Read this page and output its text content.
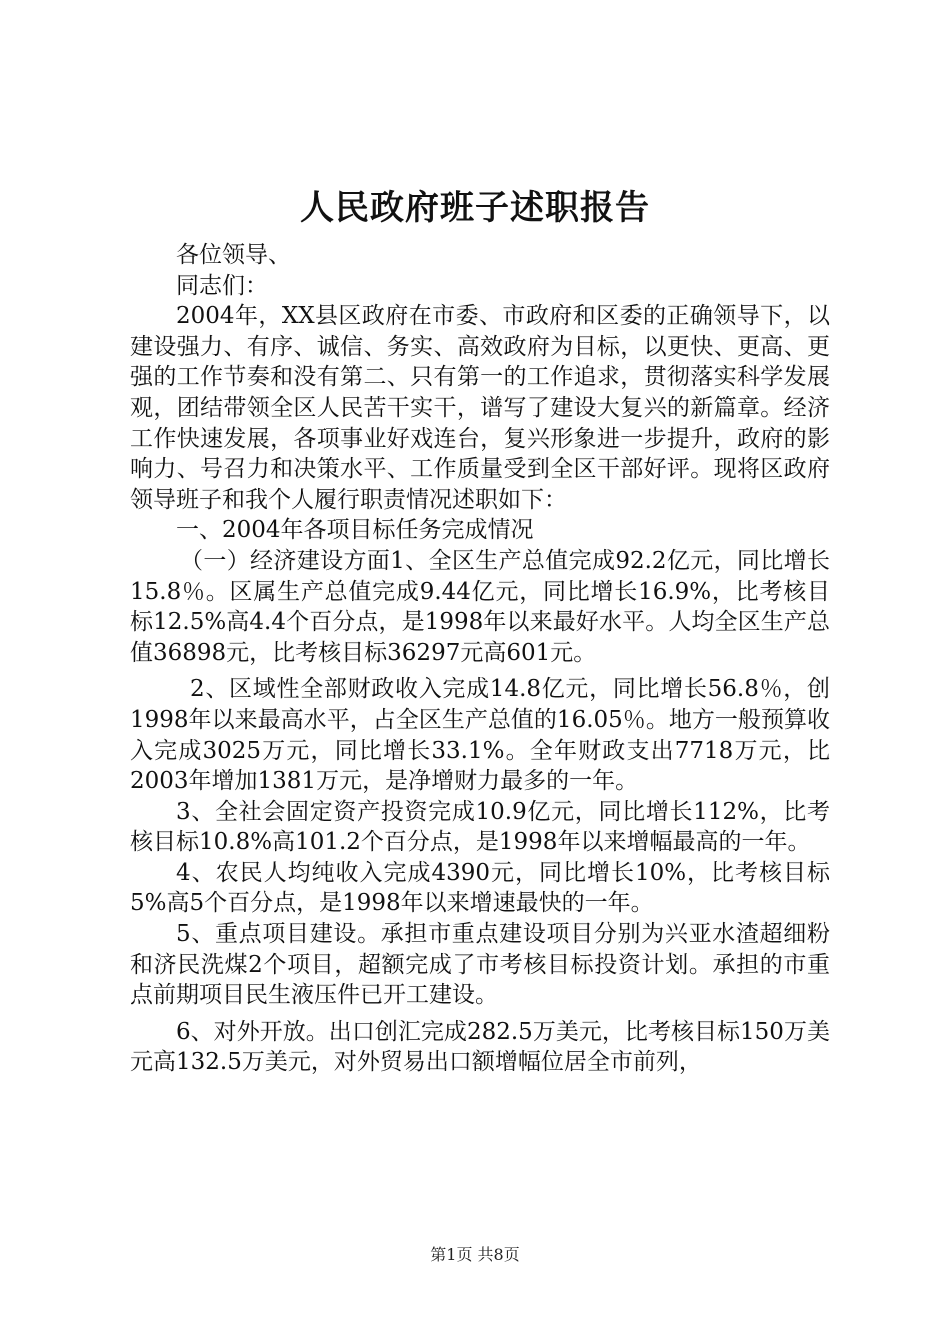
人民政府班子述职报告

各位领导、

同志们：

2004年，XX县区政府在市委、市政府和区委的正确领导下，以建设强力、有序、诚信、务实、高效政府为目标，以更快、更高、更强的工作节奏和没有第二、只有第一的工作追求，贯彻落实科学发展观，团结带领全区人民苦干实干，谱写了建设大复兴的新篇章。经济工作快速发展，各项事业好戏连台，复兴形象进一步提升，政府的影响力、号召力和决策水平、工作质量受到全区干部好评。现将区政府领导班子和我个人履行职责情况述职如下：

一、2004年各项目标任务完成情况

（一）经济建设方面1、全区生产总值完成92.2亿元，同比增长15.8％。区属生产总值完成9.44亿元，同比增长16.9%，比考核目标12.5%高4.4个百分点，是1998年以来最好水平。人均全区生产总值36898元，比考核目标36297元高601元。

2、区域性全部财政收入完成14.8亿元，同比增长56.8％，创1998年以来最高水平，占全区生产总值的16.05％。地方一般预算收入完成3025万元，同比增长33.1%。全年财政支出7718万元，比2003年增加1381万元，是净增财力最多的一年。

3、全社会固定资产投资完成10.9亿元，同比增长112%，比考核目标10.8%高101.2个百分点，是1998年以来增幅最高的一年。

4、农民人均纯收入完成4390元，同比增长10%，比考核目标5%高5个百分点，是1998年以来增速最快的一年。

5、重点项目建设。承担市重点建设项目分别为兴亚水渣超细粉和济民洗煤2个项目，超额完成了市考核目标投资计划。承担的市重点前期项目民生液压件已开工建设。

6、对外开放。出口创汇完成282.5万美元，比考核目标150万美元高132.5万美元，对外贸易出口额增幅位居全市前列，

第1页 共8页
